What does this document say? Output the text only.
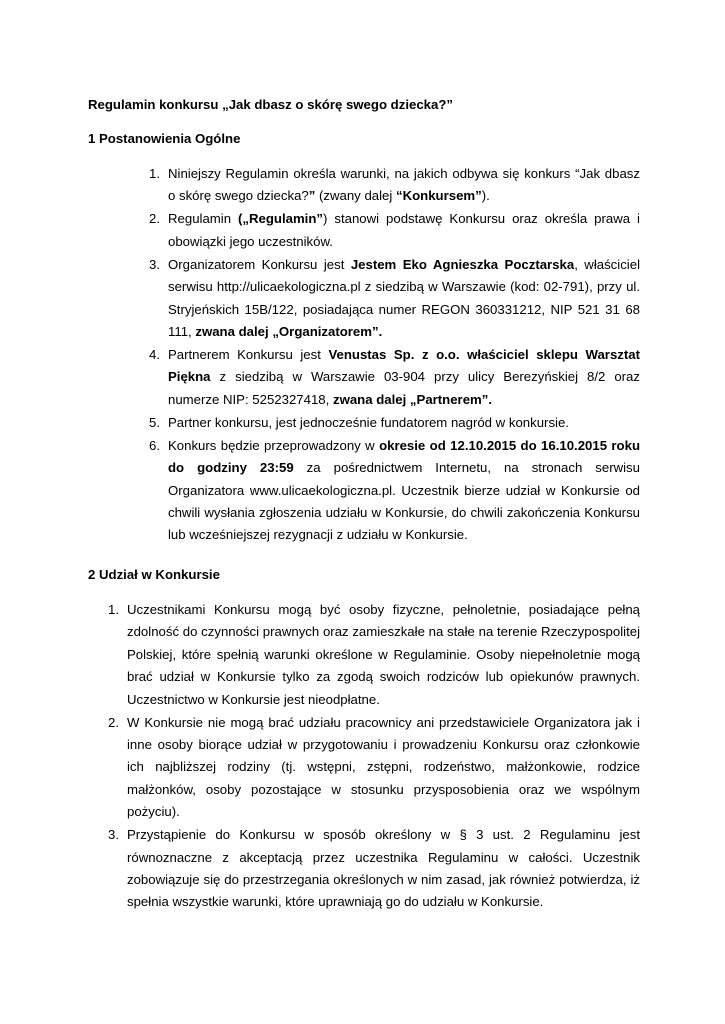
Regulamin konkursu „Jak dbasz o skórę swego dziecka?”
1 Postanowienia Ogólne
1. Niniejszy Regulamin określa warunki, na jakich odbywa się konkurs “Jak dbasz o skórę swego dziecka?” (zwany dalej “Konkursem”).
2. Regulamin („Regulamin”) stanowi podstawę Konkursu oraz określa prawa i obowiązki jego uczestników.
3. Organizatorem Konkursu jest Jestem Eko Agnieszka Pocztarska, właściciel serwisu http://ulicaekologiczna.pl z siedzibą w Warszawie (kod: 02-791), przy ul. Stryjeńskich 15B/122, posiadająca numer REGON 360331212, NIP 521 31 68 111, zwana dalej „Organizatorem”.
4. Partnerem Konkursu jest Venustas Sp. z o.o. właściciel sklepu Warsztat Piękna z siedzibą w Warszawie 03-904 przy ulicy Berezyńskiej 8/2 oraz numerze NIP: 5252327418, zwana dalej „Partnerem”.
5. Partner konkursu, jest jednocześnie fundatorem nagród w konkursie.
6. Konkurs będzie przeprowadzony w okresie od 12.10.2015 do 16.10.2015 roku do godziny 23:59 za pośrednictwem Internetu, na stronach serwisu Organizatora www.ulicaekologiczna.pl. Uczestnik bierze udział w Konkursie od chwili wysłania zgłoszenia udziału w Konkursie, do chwili zakończenia Konkursu lub wcześniejszej rezygnacji z udziału w Konkursie.
2 Udział w Konkursie
1. Uczestnikami Konkursu mogą być osoby fizyczne, pełnoletnie, posiadające pełną zdolność do czynności prawnych oraz zamieszkałe na stałe na terenie Rzeczypospolitej Polskiej, które spełnią warunki określone w Regulaminie. Osoby niepełnoletnie mogą brać udział w Konkursie tylko za zgodą swoich rodziców lub opiekunów prawnych. Uczestnictwo w Konkursie jest nieodpłatne.
2. W Konkursie nie mogą brać udziału pracownicy ani przedstawiciele Organizatora jak i inne osoby biorące udział w przygotowaniu i prowadzeniu Konkursu oraz członkowie ich najbliższej rodziny (tj. wstępni, zstępni, rodzeństwo, małżonkowie, rodzice małżonków, osoby pozostające w stosunku przysposobienia oraz we wspólnym pożyciu).
3. Przystąpienie do Konkursu w sposób określony w § 3 ust. 2 Regulaminu jest równoznaczne z akceptacją przez uczestnika Regulaminu w całości. Uczestnik zobowiązuje się do przestrzegania określonych w nim zasad, jak również potwierdza, iż spełnia wszystkie warunki, które uprawniają go do udziału w Konkursie.
